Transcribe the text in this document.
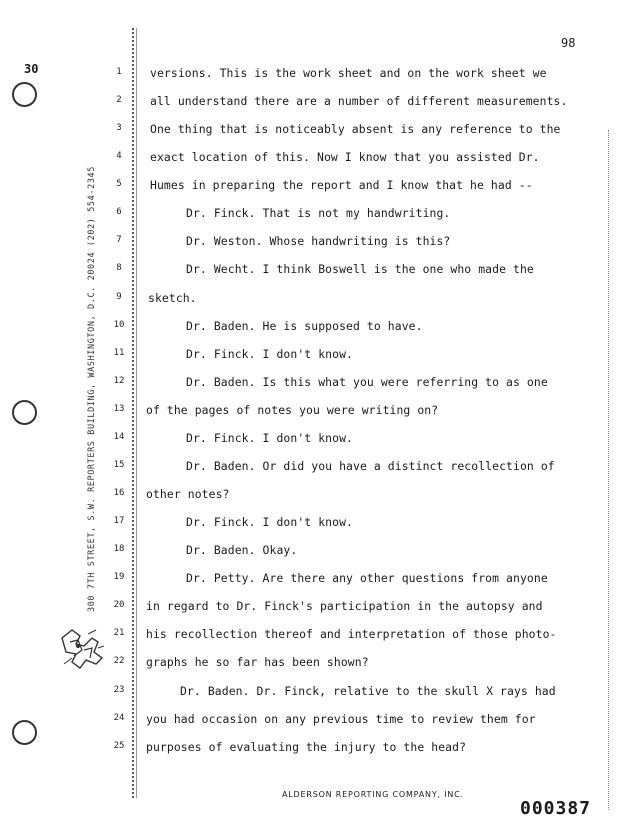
30
98
300 7TH STREET, S.W. REPORTERS BUILDING, WASHINGTON, D.C. 20024 (202) 554-2345
1	versions. This is the work sheet and on the work sheet we
2	all understand there are a number of different measurements.
3	One thing that is noticeably absent is any reference to the
4	exact location of this. Now I know that you assisted Dr.
5	Humes in preparing the report and I know that he had --
6	Dr. Finck. That is not my handwriting.
7	Dr. Weston. Whose handwriting is this?
8	Dr. Wecht. I think Boswell is the one who made the
9	sketch.
10	Dr. Baden. He is supposed to have.
11	Dr. Finck. I don't know.
12	Dr. Baden. Is this what you were referring to as one
13 of the pages of notes you were writing on?
14	Dr. Finck. I don't know.
15	Dr. Baden. Or did you have a distinct recollection of
16 other notes?
17	Dr. Finck. I don't know.
18	Dr. Baden. Okay.
19	Dr. Petty. Are there any other questions from anyone
20 in regard to Dr. Finck's participation in the autopsy and
21 his recollection thereof and interpretation of those photo-
22 graphs he so far has been shown?
23	Dr. Baden. Dr. Finck, relative to the skull X rays had
24 you had occasion on any previous time to review them for
25 purposes of evaluating the injury to the head?
ALDERSON REPORTING COMPANY, INC.
000387
